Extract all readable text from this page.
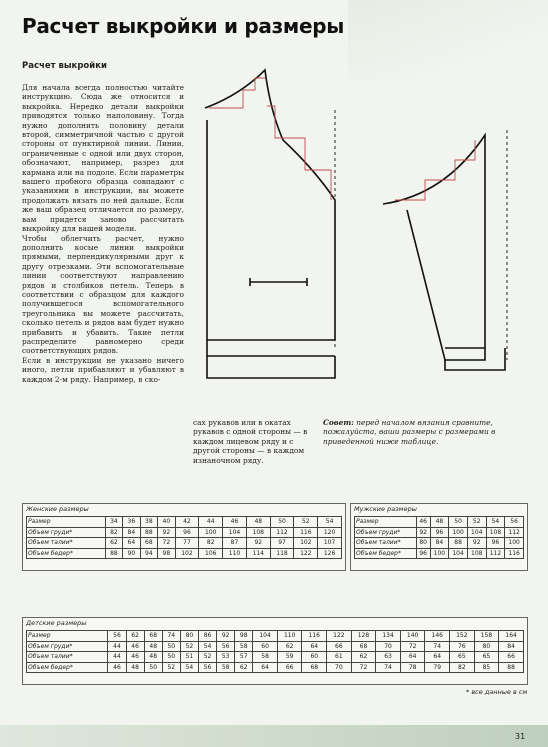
Расчет выкройки и размеры
Расчет выкройки

Для начала всегда полностью читайте инструкцию. Сюда же относится и выкройка. Нередко детали выкройки приводятся только наполовину. Тогда нужно дополнить половину детали второй, симметричной частью с другой стороны от пунктирной линии. Линии, ограниченные с одной или двух сторон, обозначают, например, разрез для кармана или на подоле. Если параметры вашего пробного образца совпадают с указаниями в инструкции, вы можете продолжать вязать по ней дальше. Если же ваш образец отличается по размеру, вам придется заново рассчитать выкройку для вашей модели.

Чтобы облегчить расчет, нужно дополнить косые линии выкройки прямыми, перпендикулярными друг к другу отрезками. Эти вспомогательные линии соответствуют направлению рядов и столбиков петель. Теперь в соответствии с образцом для каждого получившегося вспомогательного треугольника вы можете рассчитать, сколько петель и рядов вам будет нужно прибавить и убавить. Такие петли распределите равномерно среди соответствующих рядов.

Если в инструкции не указано ничего иного, петли прибавляют и убавляют в каждом 2-м ряду. Например, в ско-

сах рукавов или в окатах рукавов с одной стороны — в каждом лицевом ряду и с другой стороны — в каждом изнаночном ряду.
Совет: перед началом вязания сравните, пожалуйста, ваши размеры с размерами в приведенной ниже таблице.
Женские размеры
Размер	34	36	38	40	42	44	46	48	50	52	54
Объем груди*	82	84	88	92	96	100	104	108	112	116	120
Объем талии*	62	64	68	72	77	82	87	92	97	102	107
Объем бедер*	88	90	94	98	102	106	110	114	118	122	126
Мужские размеры
Размер	46	48	50	52	54	56
Объем груди*	92	96	100	104	108	112
Объем талии*	80	84	88	92	96	100
Объем бедер*	96	100	104	108	112	116
Детские размеры
Размер	56	62	68	74	80	86	92	98	104	110	116	122	128	134	140	146	152	158	164
Объем груди*	44	46	48	50	52	54	56	58	60	62	64	66	68	70	72	74	76	80	84
Объем талии*	44	46	48	50	51	52	53	57	58	59	60	61	62	63	64	64	65	65	66
Объем бедер*	46	48	50	52	54	56	58	62	64	66	68	70	72	74	78	79	82	85	88
* все данные в см
31
